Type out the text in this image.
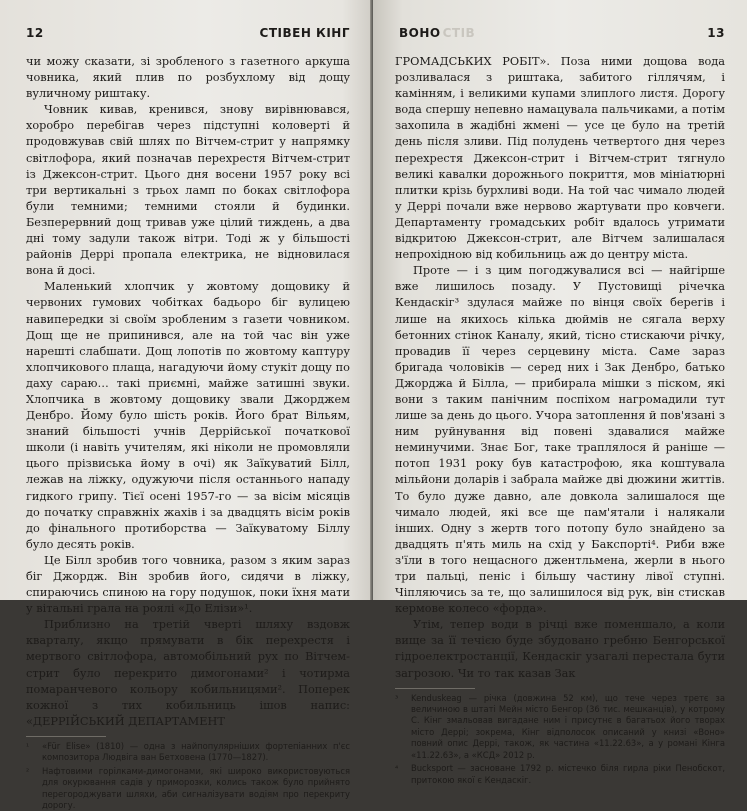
12	СТІВЕН КІНГ

чи можу сказати, зі зробленого з газетного аркуша човника, який плив по розбухлому від дощу вуличному риштаку.

Човник кивав, кренився, знову вирівнювався, хоробро перебігав через підступні коловерті й продовжував свій шлях по Вітчем-стрит у напрямку світлофора, який позначав перехрестя Вітчем-стрит із Джексон-стрит. Цього дня восени 1957 року всі три вертикальні з трьох ламп по боках світлофора були темними; темними стояли й будинки. Безперервний дощ тривав уже цілий тиждень, а два дні тому задули також вітри. Тоді ж у більшості районів Деррі пропала електрика, не відновилася вона й досі.

Маленький хлопчик у жовтому дощовику й червоних гумових чобітках бадьоро біг вулицею навипередки зі своїм зробленим з газети човником. Дощ ще не припинився, але на той час він уже нарешті слабшати. Дощ лопотів по жовтому каптуру хлопчикового плаща, нагадуючи йому стукіт дощу по даху сараю… такі приємні, майже затишні звуки. Хлопчика в жовтому дощовику звали Джорджем Денбро. Йому було шість років. Його брат Вільям, знаний більшості учнів Деррійської початкової школи (і навіть учителям, які ніколи не промовляли цього прізвиська йому в очі) як Заїкуватий Білл, лежав на ліжку, одужуючи після останнього нападу гидкого грипу. Тієї осені 1957-го — за вісім місяців до початку справжніх жахів і за двадцять вісім років до фінального протиборства — Заїкуватому Біллу було десять років.

Це Білл зробив того човника, разом з яким зараз біг Джордж. Він зробив його, сидячи в ліжку, спираючись спиною на гору подушок, поки їхня мати у вітальні грала на роялі «До Елізи»¹.

Приблизно на третій чверті шляху вздовж кварталу, якщо прямувати в бік перехрестя і мертвого світлофора, автомобільний рух по Вітчем-стрит було перекрито димогонами² і чотирма помаранчевого кольору кобильницями². Поперек кожної з тих кобильниць ішов напис: «ДЕРРІЙСЬКИЙ ДЕПАРТАМЕНТ

¹	«Für Elise» (1810) — одна з найпопулярніших фортепіанних п'єс композитора Людвіга ван Бетховена (1770—1827).
²	Нафтовими горілками-димогонами, які широко використовуються для окурювання садів у приморозки, колись також було прийнято перегороджувати шляхи, аби сигналізувати водіям про перекриту дорогу.
ВОНО СТІВ	13

ГРОМАДСЬКИХ РОБІТ». Поза ними дощова вода розливалася з риштака, забитого гіллячям, і камінням, і великими купами злиплого листя. Дорогу вода спершу непевно намацувала пальчиками, а потім захопила в жадібні жмені — усе це було на третій день після зливи. Під полудень четвертого дня через перехрестя Джексон-стрит і Вітчем-стрит тягнуло великі кавалки дорожнього покриття, мов мініатюрні плитки крізь бурхливі води. На той час чимало людей у Деррі почали вже нервово жартувати про ковчеги. Департаменту громадських робіт вдалось утримати відкритою Джексон-стрит, але Вітчем залишалася непрохідною від кобильниць аж до центру міста.

Проте — і з цим погоджувалися всі — найгірше вже лишилось позаду. У Пустовищі річечка Кендаскіг³ здулася майже по вінця своїх берегів і лише на якихось кілька дюймів не сягала верху бетонних стінок Каналу, який, тісно стискаючи річку, провадив її через серцевину міста. Саме зараз бригада чоловіків — серед них і Зак Денбро, батько Джорджа й Білла, — прибирала мішки з піском, які вони з таким панічним поспіхом нагромадили тут лише за день до цього. Учора затоплення й пов'язані з ним руйнування від повені здавалися майже неминучими. Знає Бог, таке траплялося й раніше — потоп 1931 року був катастрофою, яка коштувала мільйони доларів і забрала майже дві дюжини життів. То було дуже давно, але довкола залишалося ще чимало людей, які все ще пам'ятали і налякали інших. Одну з жертв того потопу було знайдено за двадцять п'ять миль на схід у Бакспорті⁴. Риби вже з'їли в того нещасного джентльмена, жерли в нього три пальці, пеніс і більшу частину лівої ступні. Чіпляючись за те, що залишилося від рук, він стискав кермове колесо «форда».

Утім, тепер води в річці вже поменшало, а коли вище за її течією буде збудовано гребню Бенгорської гідроелектростанції, Кендаскіг узагалі перестала бути загрозою. Чи то так казав Зак

³	Kenduskeag — річка (довжина 52 км), що тече через третє за величиною в штаті Мейн місто Бенгор (36 тис. мешканців), у котрому С. Кінг змальовав вигадане ним і присутнє в багатьох його творах місто Деррі; зокрема, Кінг відполосок описаний у книзі «Воно» повний опис Деррі, також, як частина «11.22.63», а у романі Кінга «11.22.63», а «КСД» 2012 р.
⁴	Bucksport — засноване 1792 р. містечко біля гирла ріки Пенобскот, притокою якої є Кендаскіг.
